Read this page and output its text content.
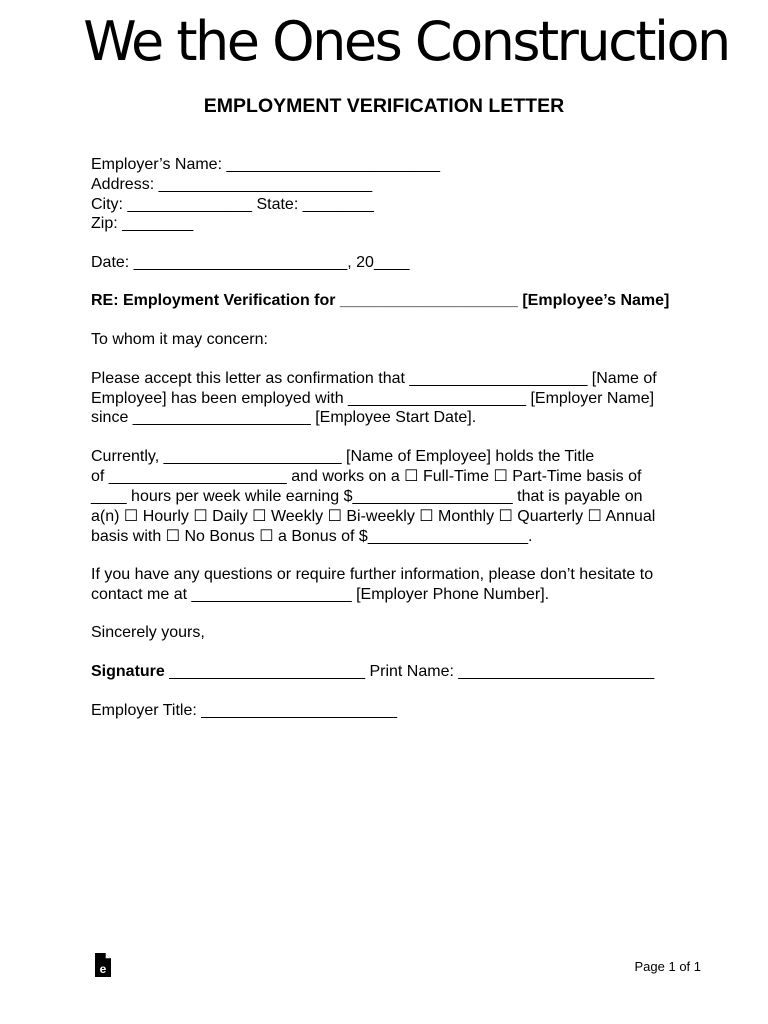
We the Ones Construction
EMPLOYMENT VERIFICATION LETTER
Employer’s Name: ________________________
Address: ________________________
City: ______________ State: ________
Zip: ________
Date: ________________________, 20____
RE: Employment Verification for ____________________ [Employee’s Name]
To whom it may concern:
Please accept this letter as confirmation that ____________________ [Name of
Employee] has been employed with ____________________ [Employer Name]
since ____________________ [Employee Start Date].
Currently, ____________________ [Name of Employee] holds the Title
of ____________________ and works on a ☐ Full-Time ☐ Part-Time basis of
____ hours per week while earning $__________________ that is payable on
a(n) ☐ Hourly ☐ Daily ☐ Weekly ☐ Bi-weekly ☐ Monthly ☐ Quarterly ☐ Annual
basis with ☐ No Bonus ☐ a Bonus of $__________________.
If you have any questions or require further information, please don’t hesitate to
contact me at __________________ [Employer Phone Number].
Sincerely yours,
Signature ______________________ Print Name: ______________________
Employer Title: ______________________
e	Page 1 of 1
